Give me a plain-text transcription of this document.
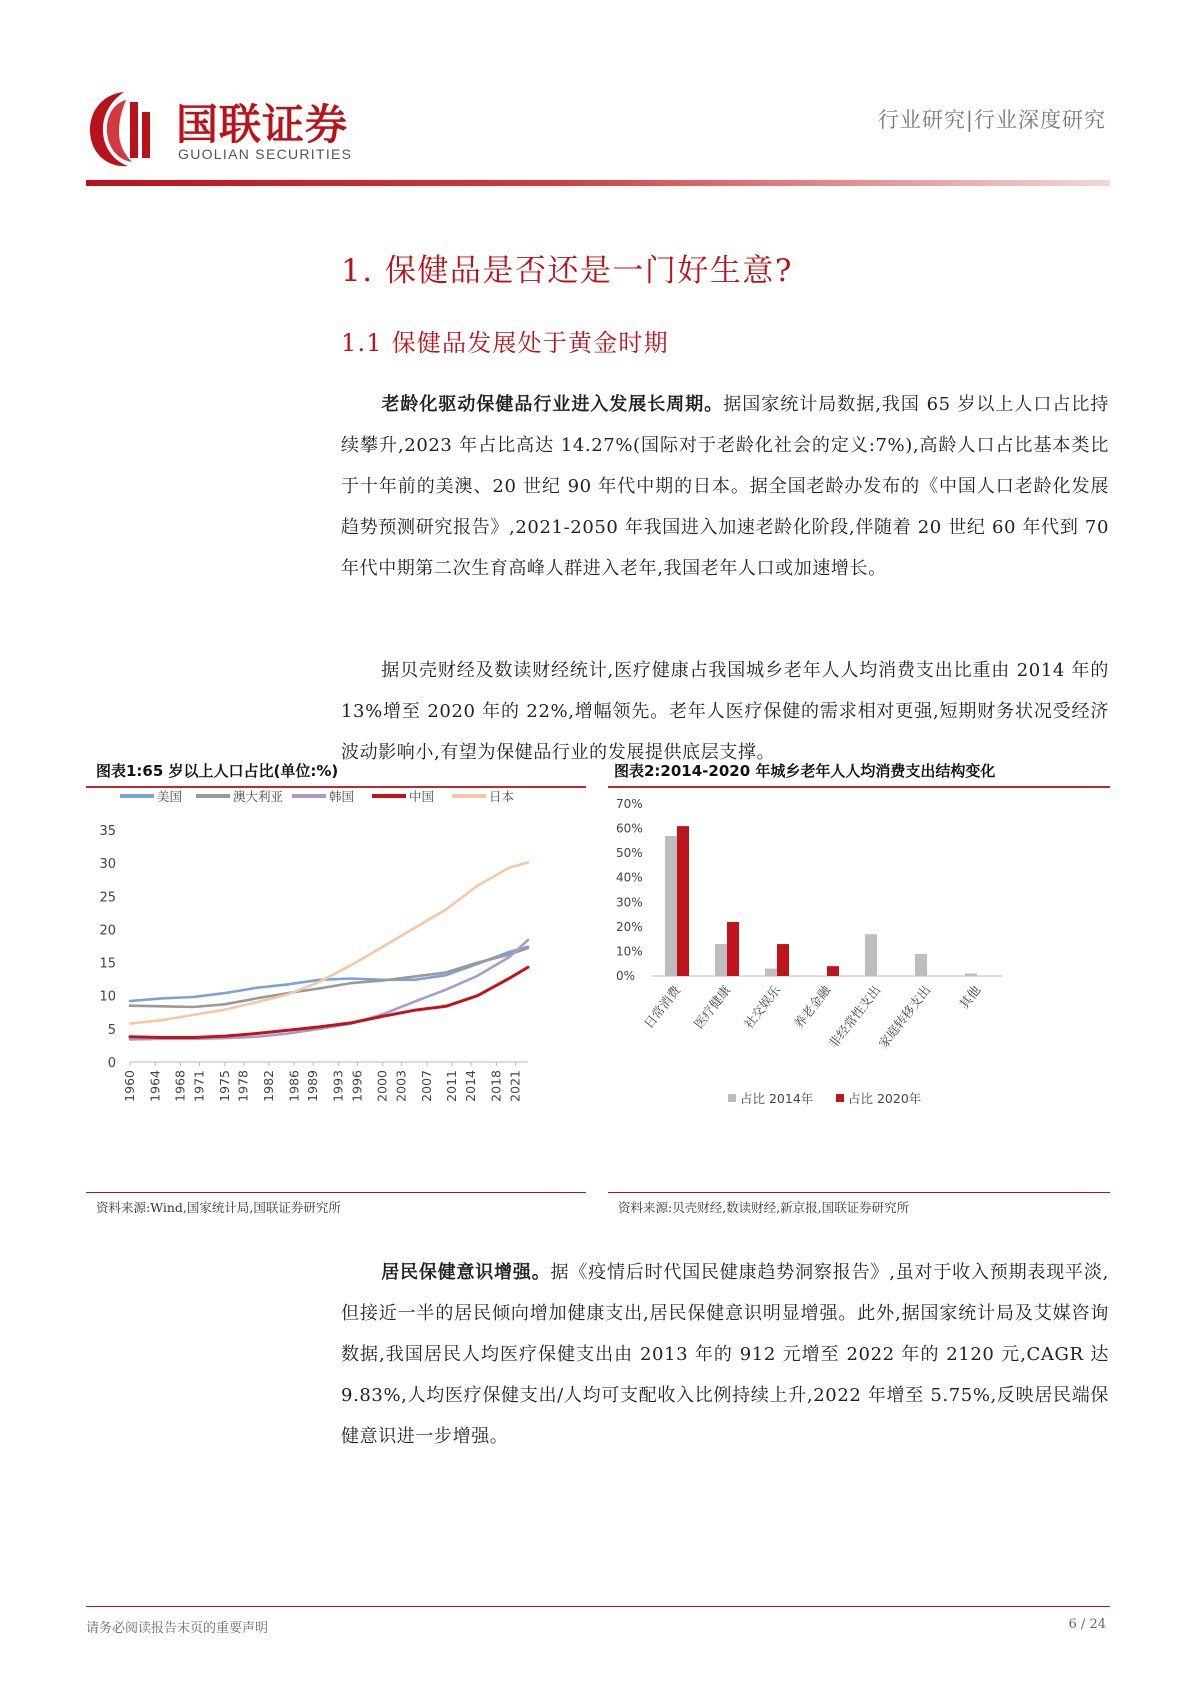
国联证券
GUOLIAN SECURITIES
行业研究|行业深度研究
1. 保健品是否还是一门好生意?
1.1 保健品发展处于黄金时期
老龄化驱动保健品行业进入发展长周期。据国家统计局数据,我国 65 岁以上人口占比持续攀升,2023 年占比高达 14.27%(国际对于老龄化社会的定义:7%),高龄人口占比基本类比于十年前的美澳、20 世纪 90 年代中期的日本。据全国老龄办发布的《中国人口老龄化发展趋势预测研究报告》,2021-2050 年我国进入加速老龄化阶段,伴随着 20 世纪 60 年代到 70 年代中期第二次生育高峰人群进入老年,我国老年人口或加速增长。
据贝壳财经及数读财经统计,医疗健康占我国城乡老年人人均消费支出比重由 2014 年的 13%增至 2020 年的 22%,增幅领先。老年人医疗保健的需求相对更强,短期财务状况受经济波动影响小,有望为保健品行业的发展提供底层支撑。
图表1:65 岁以上人口占比(单位:%)
美国	澳大利亚	韩国	中国	日本
0
5
10
15
20
25
30
35
1960 1964 1968 1971 1975 1978 1982 1986 1989 1993 1996 2000 2003 2007 2011 2014 2018 2021
资料来源:Wind,国家统计局,国联证券研究所
图表2:2014-2020 年城乡老年人人均消费支出结构变化
0%
10%
20%
30%
40%
50%
60%
70%
日常消费 医疗健康 社交娱乐 养老金融
非经常性支出
家庭转移支出 其他
占比 2014年	占比 2020年
资料来源:贝壳财经,数读财经,新京报,国联证券研究所
居民保健意识增强。据《疫情后时代国民健康趋势洞察报告》,虽对于收入预期表现平淡,但接近一半的居民倾向增加健康支出,居民保健意识明显增强。此外,据国家统计局及艾媒咨询数据,我国居民人均医疗保健支出由 2013 年的 912 元增至 2022 年的 2120 元,CAGR 达 9.83%,人均医疗保健支出/人均可支配收入比例持续上升,2022 年增至 5.75%,反映居民端保健意识进一步增强。
请务必阅读报告末页的重要声明	6 / 24
